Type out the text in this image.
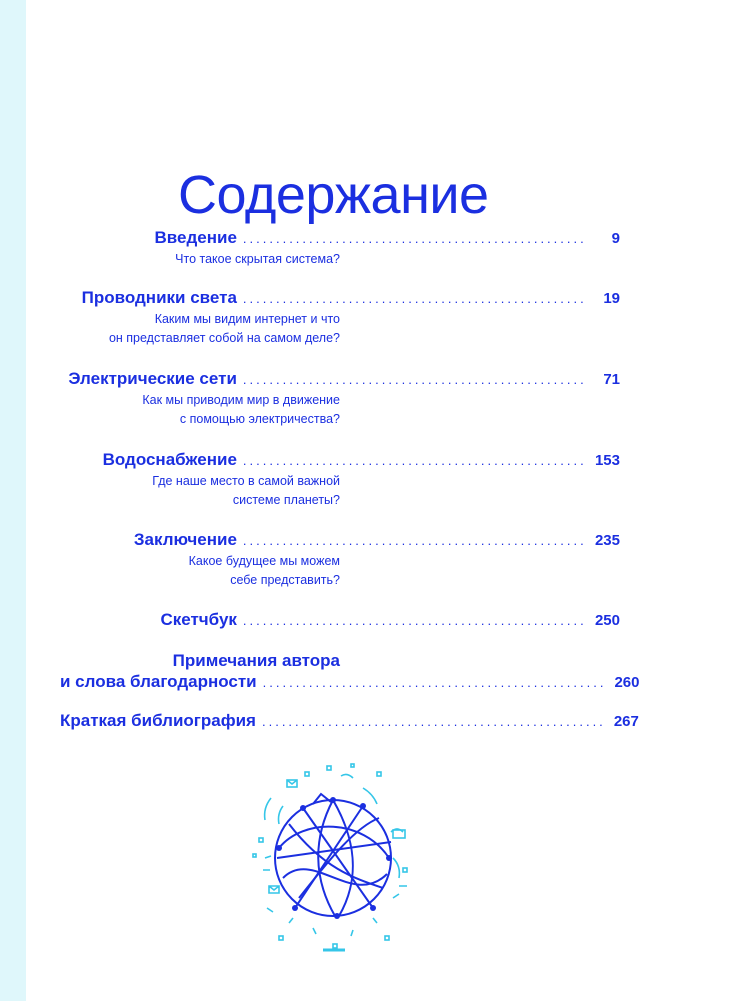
Содержание
Введение ....................................................	9
Что такое скрытая система?
Проводники света ....................................................	19
Каким мы видим интернет и что
он представляет собой на самом деле?
Электрические сети ....................................................	71
Как мы приводим мир в движение
с помощью электричества?
Водоснабжение .................................................... 153
Где наше место в самой важной
системе планеты?
Заключение .................................................... 235
Какое будущее мы можем
себе представить?
Скетчбук .................................................... 250
Примечания автора
и слова благодарности .................................................... 260
Краткая библиография .................................................... 267
